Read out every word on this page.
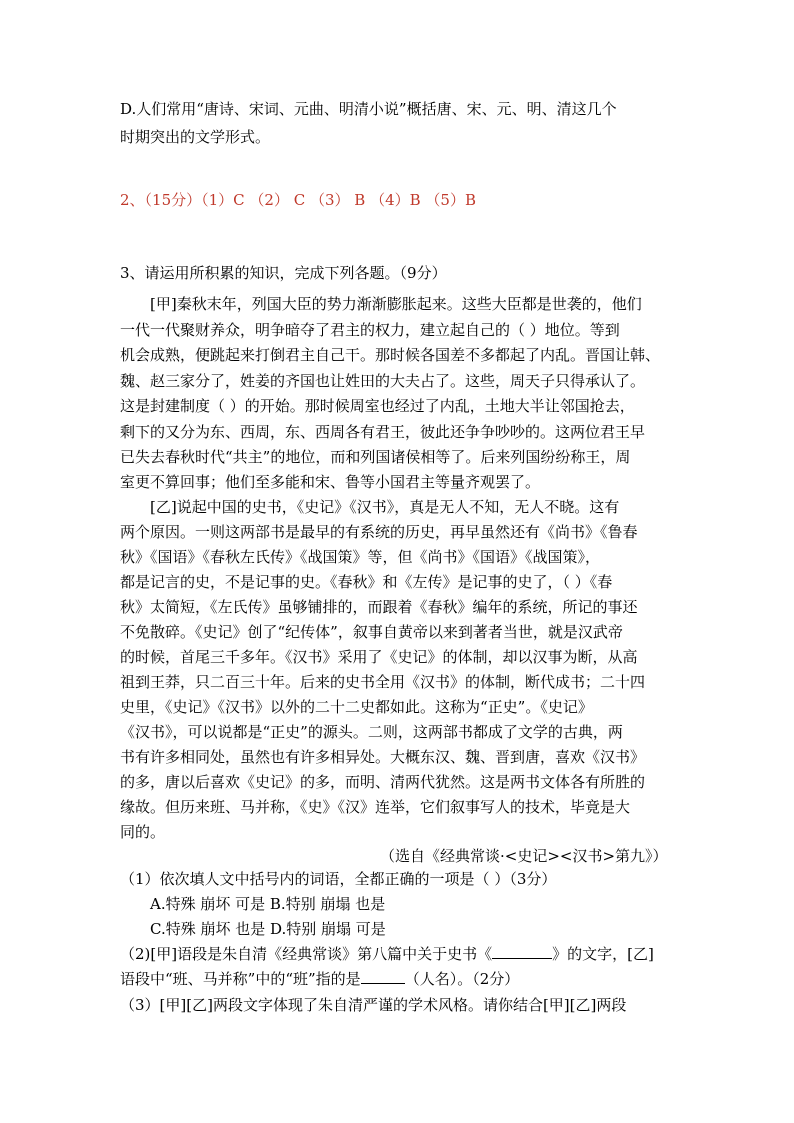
D.人们常用“唐诗、宋词、元曲、明清小说”概括唐、宋、元、明、清这几个
时期突出的文学形式。
2、（15分）（1）C （2） C （3） B （4）B （5）B
3、请运用所积累的知识，完成下列各题。（9分）
[甲]秦秋末年，列国大臣的势力渐渐膨胀起来。这些大臣都是世袭的，他们
一代一代聚财养众，明争暗夺了君主的权力，建立起自己的（ ）地位。等到
机会成熟，便跳起来打倒君主自己干。那时候各国差不多都起了内乱。晋国让韩、
魏、赵三家分了，姓姜的齐国也让姓田的大夫占了。这些，周天子只得承认了。
这是封建制度（ ）的开始。那时候周室也经过了内乱，土地大半让邻国抢去，
剩下的又分为东、西周，东、西周各有君王，彼此还争争吵吵的。这两位君王早
已失去春秋时代“共主”的地位，而和列国诸侯相等了。后来列国纷纷称王，周
室更不算回事；他们至多能和宋、鲁等小国君主等量齐观罢了。
[乙]说起中国的史书，《史记》《汉书》，真是无人不知，无人不晓。这有
两个原因。一则这两部书是最早的有系统的历史，再早虽然还有《尚书》《鲁春
秋》《国语》《春秋左氏传》《战国策》等，但《尚书》《国语》《战国策》，
都是记言的史，不是记事的史。《春秋》和《左传》是记事的史了，（ ）《春
秋》太简短，《左氏传》虽够铺排的，而跟着《春秋》编年的系统，所记的事还
不免散碎。《史记》创了“纪传体”，叙事自黄帝以来到著者当世，就是汉武帝
的时候，首尾三千多年。《汉书》采用了《史记》的体制，却以汉事为断，从高
祖到王莽，只二百三十年。后来的史书全用《汉书》的体制，断代成书；二十四
史里，《史记》《汉书》以外的二十二史都如此。这称为“正史”。《史记》
《汉书》，可以说都是“正史”的源头。二则，这两部书都成了文学的古典，两
书有许多相同处，虽然也有许多相异处。大概东汉、魏、晋到唐，喜欢《汉书》
的多，唐以后喜欢《史记》的多，而明、清两代犹然。这是两书文体各有所胜的
缘故。但历来班、马并称，《史》《汉》连举，它们叙事写人的技术，毕竟是大
同的。
（选自《经典常谈·<史记><汉书>第九》）
（1）依次填人文中括号内的词语，全都正确的一项是（ ）（3分）
A.特殊 崩坏 可是 B.特别 崩塌 也是
C.特殊 崩坏 也是 D.特别 崩塌 可是
（2)[甲]语段是朱自清《经典常谈》第八篇中关于史书《	》的文字，[乙]
语段中“班、马并称”中的“班”指的是	（人名）。（2分）
（3）[甲][乙]两段文字体现了朱自清严谨的学术风格。请你结合[甲][乙]两段
